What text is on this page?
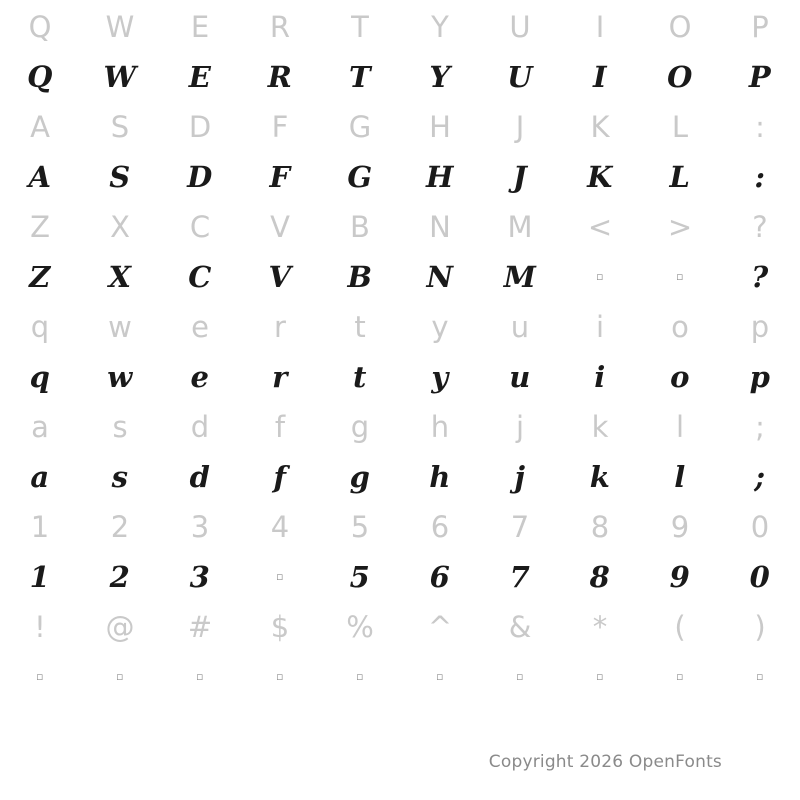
Q	W	E	R	T	Y	U	I	O	P
Q	W	E	R	T	Y	U	I	O	P
A	S	D	F	G	H	J	K	L	:
A	S	D	F	G	H	J	K	L	:
Z	X	C	V	B	N	M	<	>	?
Z	X	C	V	B	N	M	▫	▫	?
q	w	e	r	t	y	u	i	o	p
q	w	e	r	t	y	u	i	o	p
a	s	d	f	g	h	j	k	l	;
a	s	d	f	g	h	j	k	l	;
1	2	3	4	5	6	7	8	9	0
1	2	3	▫	5	6	7	8	9	0
!	@	#	$	%	^	&	*	(	)
▫	▫	▫	▫	▫	▫	▫	▫	▫	▫
Copyright 2026 OpenFonts
